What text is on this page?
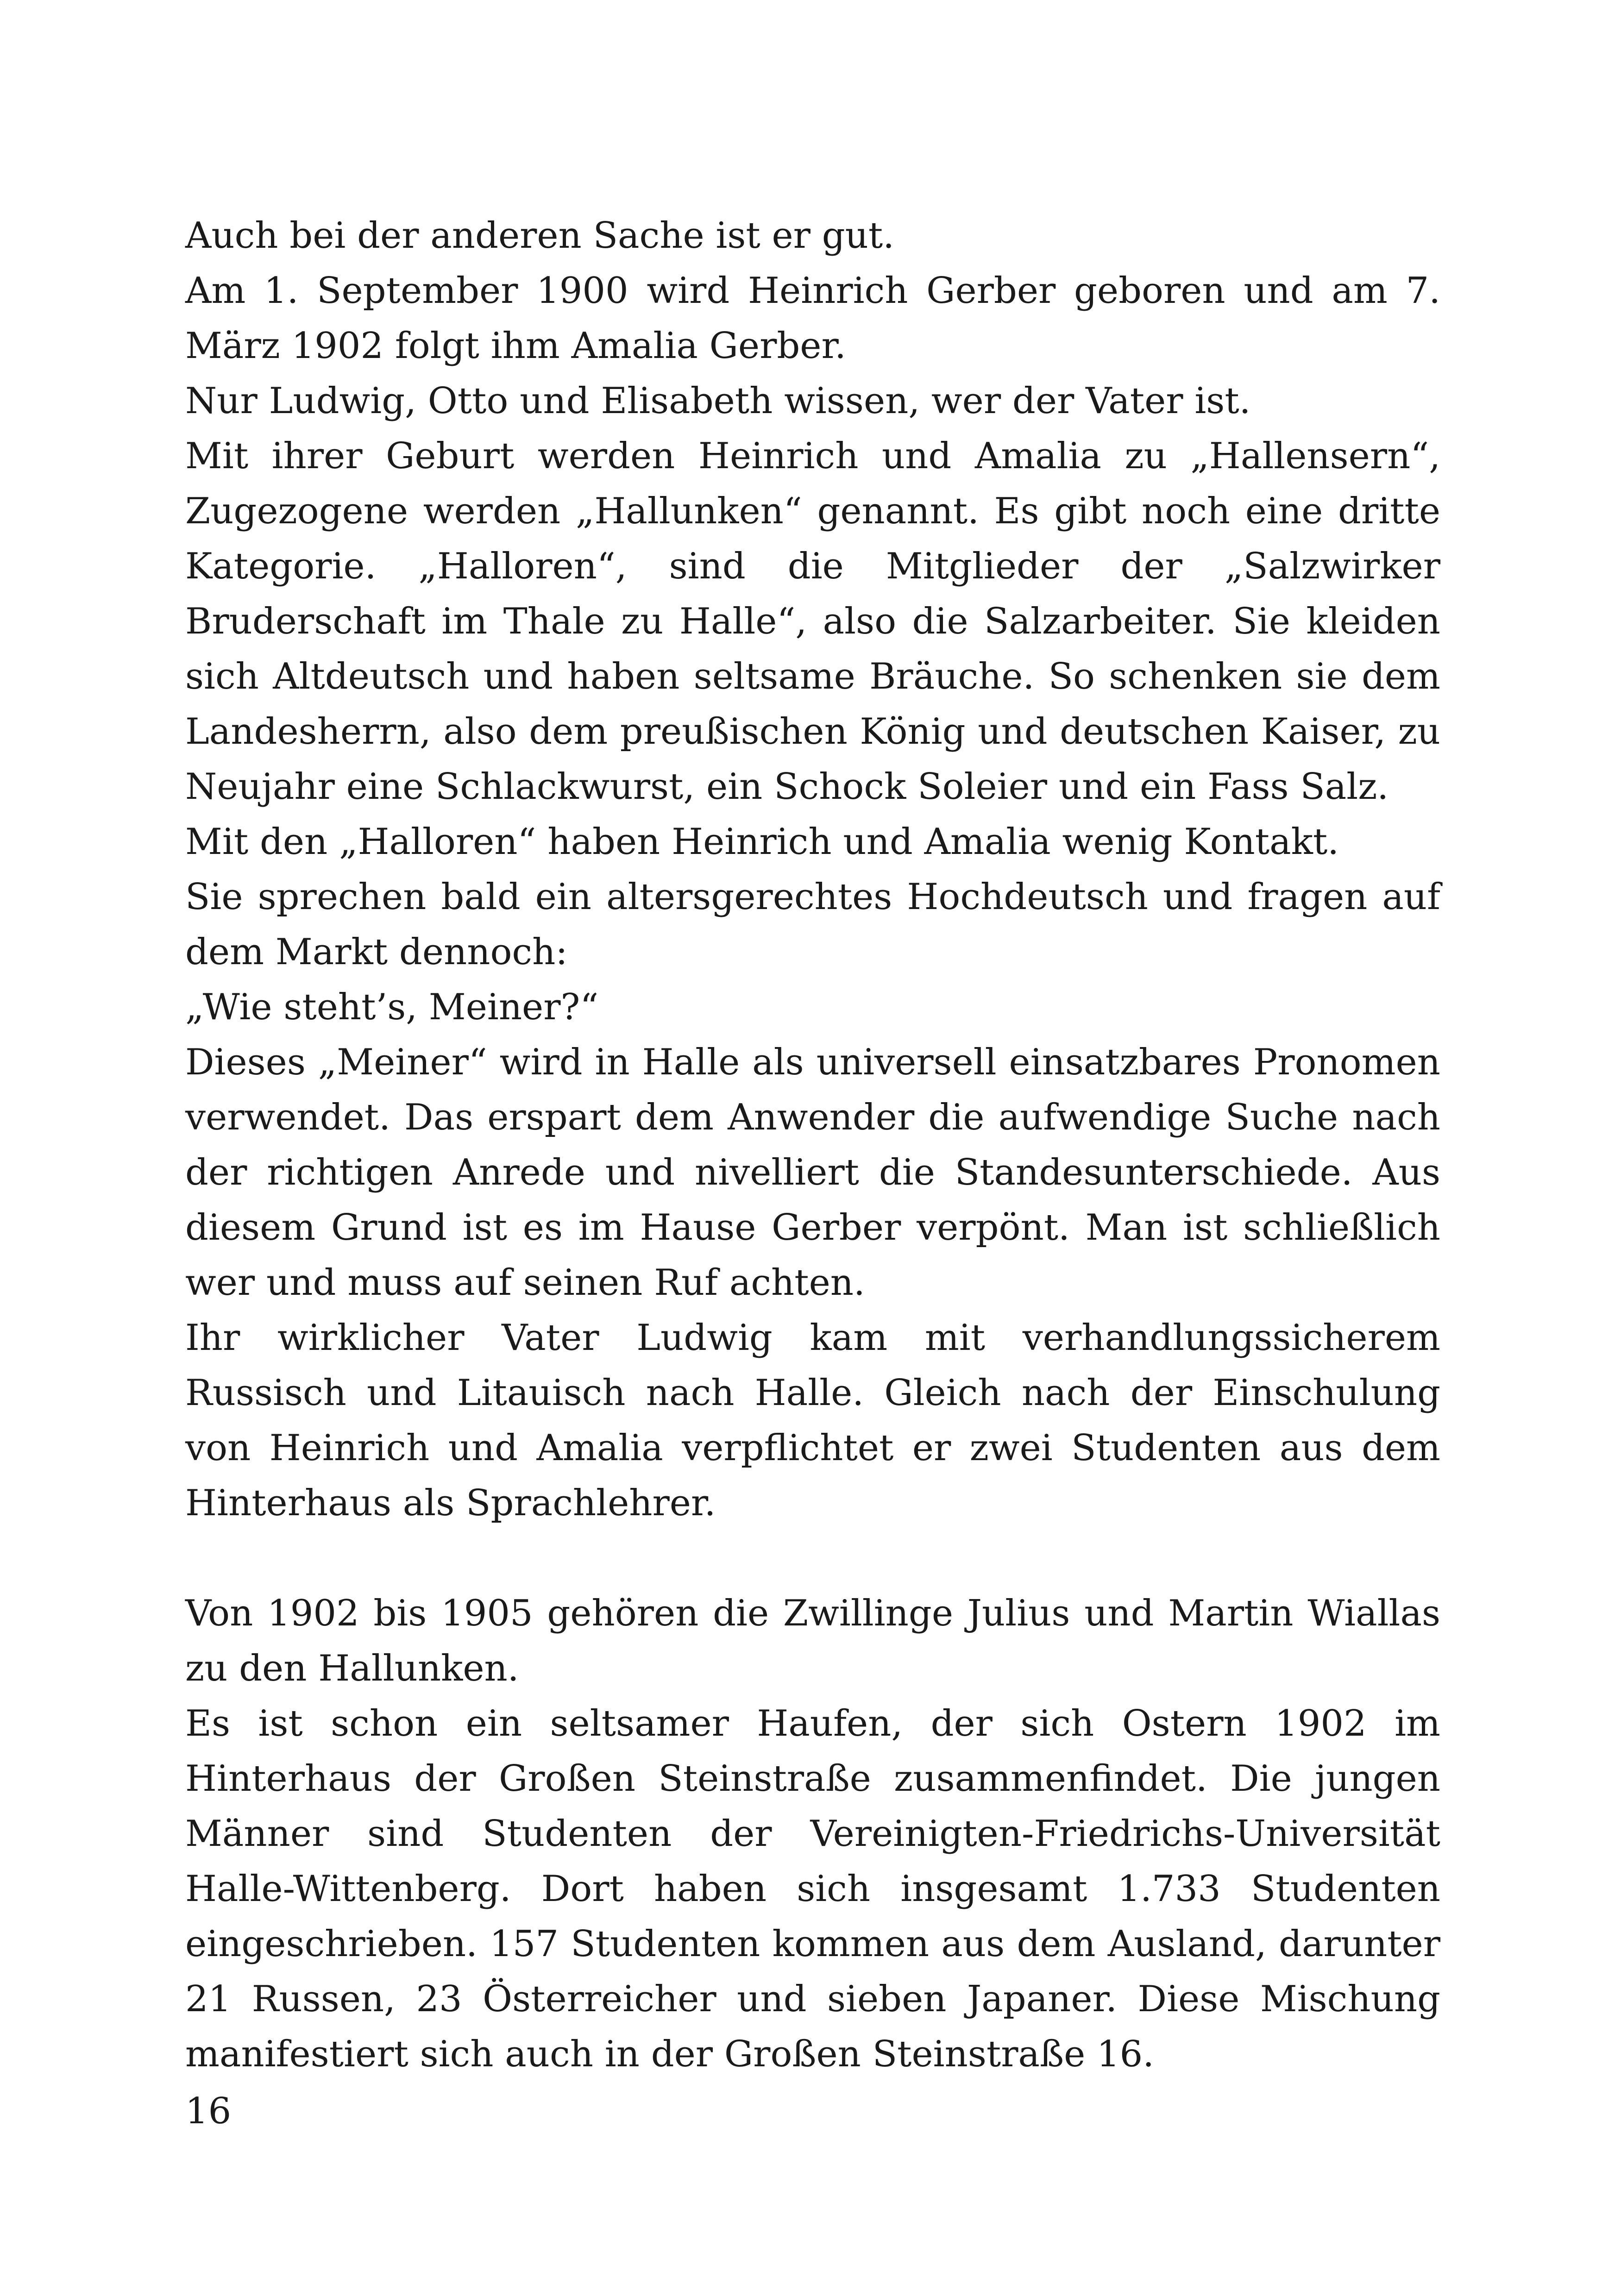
Auch bei der anderen Sache ist er gut.

Am 1. September 1900 wird Heinrich Gerber geboren und am 7. März 1902 folgt ihm Amalia Gerber.

Nur Ludwig, Otto und Elisabeth wissen, wer der Vater ist.

Mit ihrer Geburt werden Heinrich und Amalia zu „Hallensern“, Zugezogene werden „Hallunken“ genannt. Es gibt noch eine dritte Kategorie. „Halloren“, sind die Mitglieder der „Salzwirker Bruderschaft im Thale zu Halle“, also die Salzarbeiter. Sie kleiden sich Altdeutsch und haben seltsame Bräuche. So schenken sie dem Landesherrn, also dem preußischen König und deutschen Kaiser, zu Neujahr eine Schlackwurst, ein Schock Soleier und ein Fass Salz.

Mit den „Halloren“ haben Heinrich und Amalia wenig Kontakt.

Sie sprechen bald ein altersgerechtes Hochdeutsch und fragen auf dem Markt dennoch:

„Wie steht’s, Meiner?“

Dieses „Meiner“ wird in Halle als universell einsatzbares Pronomen verwendet. Das erspart dem Anwender die aufwendige Suche nach der richtigen Anrede und nivelliert die Standesunterschiede. Aus diesem Grund ist es im Hause Gerber verpönt. Man ist schließlich wer und muss auf seinen Ruf achten.

Ihr wirklicher Vater Ludwig kam mit verhandlungssicherem Russisch und Litauisch nach Halle. Gleich nach der Einschulung von Heinrich und Amalia verpflichtet er zwei Studenten aus dem Hinterhaus als Sprachlehrer.

Von 1902 bis 1905 gehören die Zwillinge Julius und Martin Wiallas zu den Hallunken.

Es ist schon ein seltsamer Haufen, der sich Ostern 1902 im Hinterhaus der Großen Steinstraße zusammenfindet. Die jungen Männer sind Studenten der Vereinigten-Friedrichs-Universität Halle-Wittenberg. Dort haben sich insgesamt 1.733 Studenten eingeschrieben. 157 Studenten kommen aus dem Ausland, darunter 21 Russen, 23 Österreicher und sieben Japaner. Diese Mischung manifestiert sich auch in der Großen Steinstraße 16.

16
